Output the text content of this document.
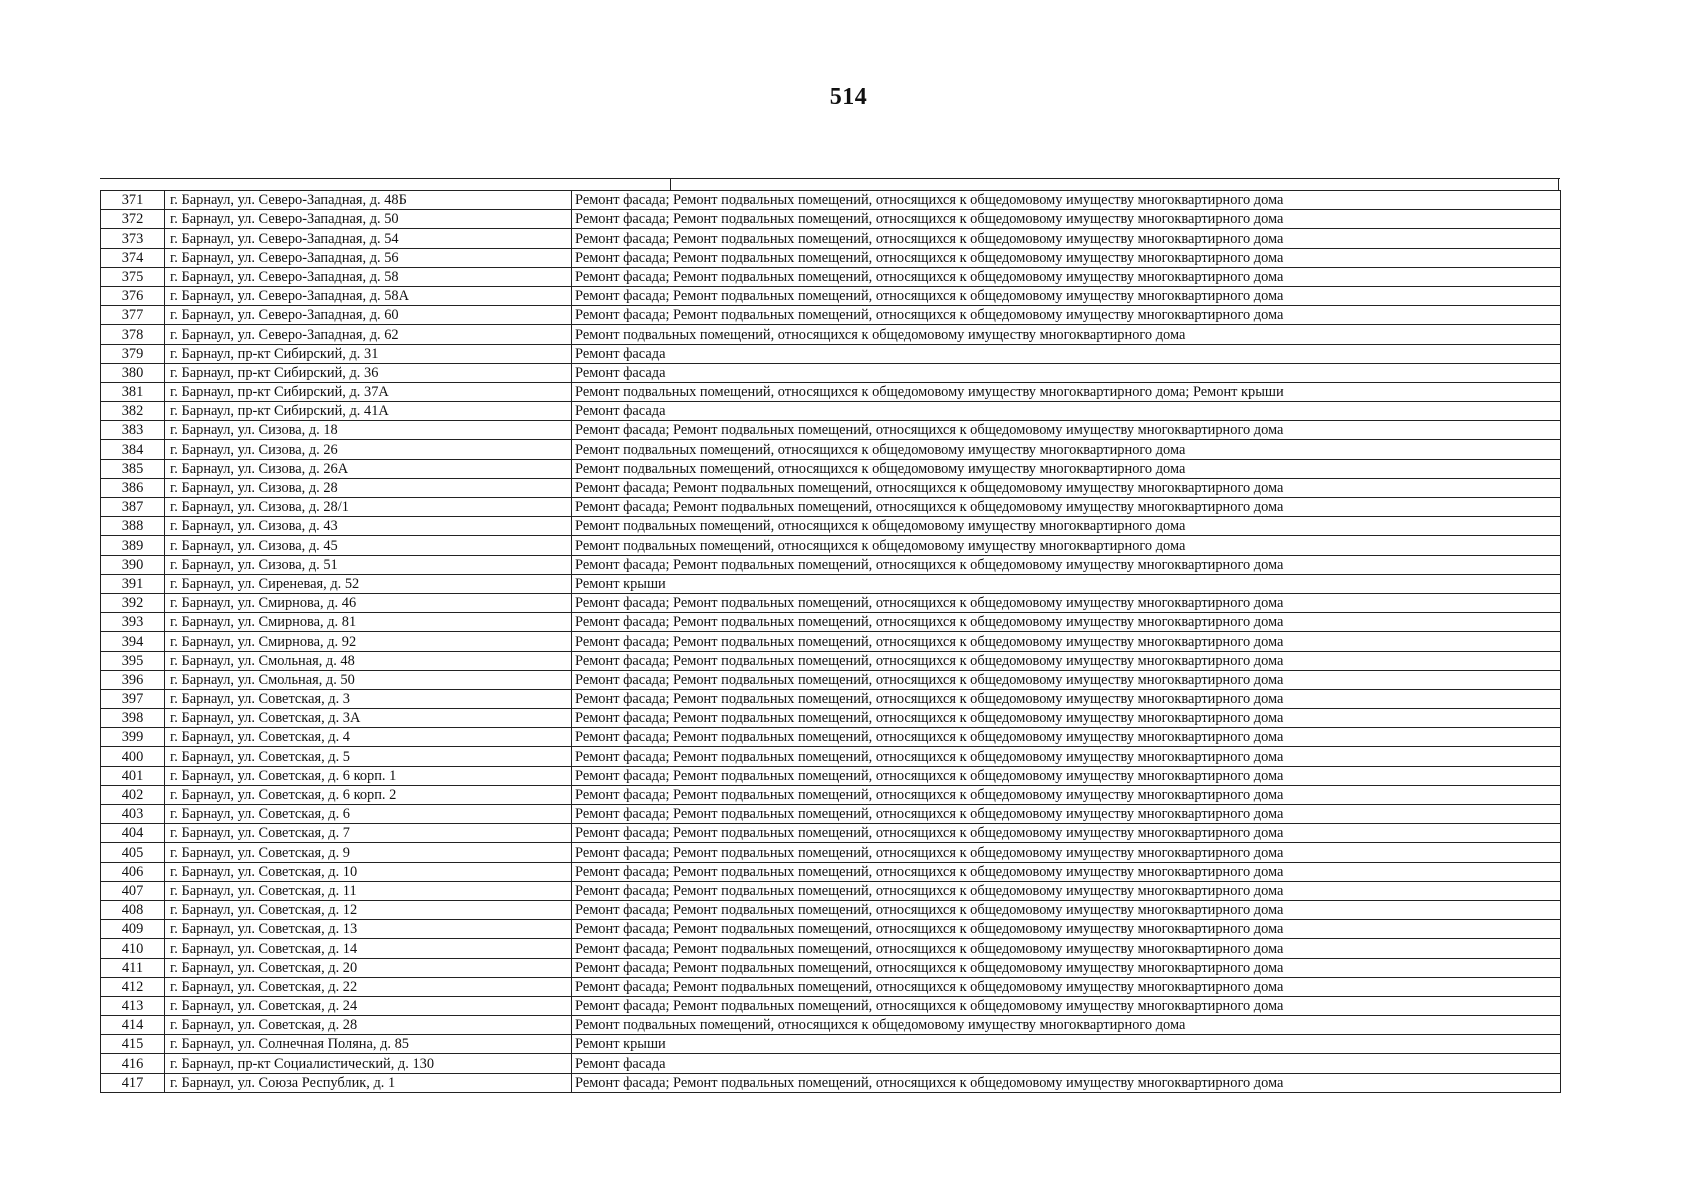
514
371	г. Барнаул, ул. Северо-Западная, д. 48Б	Ремонт фасада; Ремонт подвальных помещений, относящихся к общедомовому имуществу многоквартирного дома
372	г. Барнаул, ул. Северо-Западная, д. 50	Ремонт фасада; Ремонт подвальных помещений, относящихся к общедомовому имуществу многоквартирного дома
373	г. Барнаул, ул. Северо-Западная, д. 54	Ремонт фасада; Ремонт подвальных помещений, относящихся к общедомовому имуществу многоквартирного дома
374	г. Барнаул, ул. Северо-Западная, д. 56	Ремонт фасада; Ремонт подвальных помещений, относящихся к общедомовому имуществу многоквартирного дома
375	г. Барнаул, ул. Северо-Западная, д. 58	Ремонт фасада; Ремонт подвальных помещений, относящихся к общедомовому имуществу многоквартирного дома
376	г. Барнаул, ул. Северо-Западная, д. 58А	Ремонт фасада; Ремонт подвальных помещений, относящихся к общедомовому имуществу многоквартирного дома
377	г. Барнаул, ул. Северо-Западная, д. 60	Ремонт фасада; Ремонт подвальных помещений, относящихся к общедомовому имуществу многоквартирного дома
378	г. Барнаул, ул. Северо-Западная, д. 62	Ремонт подвальных помещений, относящихся к общедомовому имуществу многоквартирного дома
379	г. Барнаул, пр-кт Сибирский, д. 31	Ремонт фасада
380	г. Барнаул, пр-кт Сибирский, д. 36	Ремонт фасада
381	г. Барнаул, пр-кт Сибирский, д. 37А	Ремонт подвальных помещений, относящихся к общедомовому имуществу многоквартирного дома; Ремонт крыши
382	г. Барнаул, пр-кт Сибирский, д. 41А	Ремонт фасада
383	г. Барнаул, ул. Сизова, д. 18	Ремонт фасада; Ремонт подвальных помещений, относящихся к общедомовому имуществу многоквартирного дома
384	г. Барнаул, ул. Сизова, д. 26	Ремонт подвальных помещений, относящихся к общедомовому имуществу многоквартирного дома
385	г. Барнаул, ул. Сизова, д. 26А	Ремонт подвальных помещений, относящихся к общедомовому имуществу многоквартирного дома
386	г. Барнаул, ул. Сизова, д. 28	Ремонт фасада; Ремонт подвальных помещений, относящихся к общедомовому имуществу многоквартирного дома
387	г. Барнаул, ул. Сизова, д. 28/1	Ремонт фасада; Ремонт подвальных помещений, относящихся к общедомовому имуществу многоквартирного дома
388	г. Барнаул, ул. Сизова, д. 43	Ремонт подвальных помещений, относящихся к общедомовому имуществу многоквартирного дома
389	г. Барнаул, ул. Сизова, д. 45	Ремонт подвальных помещений, относящихся к общедомовому имуществу многоквартирного дома
390	г. Барнаул, ул. Сизова, д. 51	Ремонт фасада; Ремонт подвальных помещений, относящихся к общедомовому имуществу многоквартирного дома
391	г. Барнаул, ул. Сиреневая, д. 52	Ремонт крыши
392	г. Барнаул, ул. Смирнова, д. 46	Ремонт фасада; Ремонт подвальных помещений, относящихся к общедомовому имуществу многоквартирного дома
393	г. Барнаул, ул. Смирнова, д. 81	Ремонт фасада; Ремонт подвальных помещений, относящихся к общедомовому имуществу многоквартирного дома
394	г. Барнаул, ул. Смирнова, д. 92	Ремонт фасада; Ремонт подвальных помещений, относящихся к общедомовому имуществу многоквартирного дома
395	г. Барнаул, ул. Смольная, д. 48	Ремонт фасада; Ремонт подвальных помещений, относящихся к общедомовому имуществу многоквартирного дома
396	г. Барнаул, ул. Смольная, д. 50	Ремонт фасада; Ремонт подвальных помещений, относящихся к общедомовому имуществу многоквартирного дома
397	г. Барнаул, ул. Советская, д. 3	Ремонт фасада; Ремонт подвальных помещений, относящихся к общедомовому имуществу многоквартирного дома
398	г. Барнаул, ул. Советская, д. 3А	Ремонт фасада; Ремонт подвальных помещений, относящихся к общедомовому имуществу многоквартирного дома
399	г. Барнаул, ул. Советская, д. 4	Ремонт фасада; Ремонт подвальных помещений, относящихся к общедомовому имуществу многоквартирного дома
400	г. Барнаул, ул. Советская, д. 5	Ремонт фасада; Ремонт подвальных помещений, относящихся к общедомовому имуществу многоквартирного дома
401	г. Барнаул, ул. Советская, д. 6 корп. 1	Ремонт фасада; Ремонт подвальных помещений, относящихся к общедомовому имуществу многоквартирного дома
402	г. Барнаул, ул. Советская, д. 6 корп. 2	Ремонт фасада; Ремонт подвальных помещений, относящихся к общедомовому имуществу многоквартирного дома
403	г. Барнаул, ул. Советская, д. 6	Ремонт фасада; Ремонт подвальных помещений, относящихся к общедомовому имуществу многоквартирного дома
404	г. Барнаул, ул. Советская, д. 7	Ремонт фасада; Ремонт подвальных помещений, относящихся к общедомовому имуществу многоквартирного дома
405	г. Барнаул, ул. Советская, д. 9	Ремонт фасада; Ремонт подвальных помещений, относящихся к общедомовому имуществу многоквартирного дома
406	г. Барнаул, ул. Советская, д. 10	Ремонт фасада; Ремонт подвальных помещений, относящихся к общедомовому имуществу многоквартирного дома
407	г. Барнаул, ул. Советская, д. 11	Ремонт фасада; Ремонт подвальных помещений, относящихся к общедомовому имуществу многоквартирного дома
408	г. Барнаул, ул. Советская, д. 12	Ремонт фасада; Ремонт подвальных помещений, относящихся к общедомовому имуществу многоквартирного дома
409	г. Барнаул, ул. Советская, д. 13	Ремонт фасада; Ремонт подвальных помещений, относящихся к общедомовому имуществу многоквартирного дома
410	г. Барнаул, ул. Советская, д. 14	Ремонт фасада; Ремонт подвальных помещений, относящихся к общедомовому имуществу многоквартирного дома
411	г. Барнаул, ул. Советская, д. 20	Ремонт фасада; Ремонт подвальных помещений, относящихся к общедомовому имуществу многоквартирного дома
412	г. Барнаул, ул. Советская, д. 22	Ремонт фасада; Ремонт подвальных помещений, относящихся к общедомовому имуществу многоквартирного дома
413	г. Барнаул, ул. Советская, д. 24	Ремонт фасада; Ремонт подвальных помещений, относящихся к общедомовому имуществу многоквартирного дома
414	г. Барнаул, ул. Советская, д. 28	Ремонт подвальных помещений, относящихся к общедомовому имуществу многоквартирного дома
415	г. Барнаул, ул. Солнечная Поляна, д. 85	Ремонт крыши
416	г. Барнаул, пр-кт Социалистический, д. 130	Ремонт фасада
417	г. Барнаул, ул. Союза Республик, д. 1	Ремонт фасада; Ремонт подвальных помещений, относящихся к общедомовому имуществу многоквартирного дома
